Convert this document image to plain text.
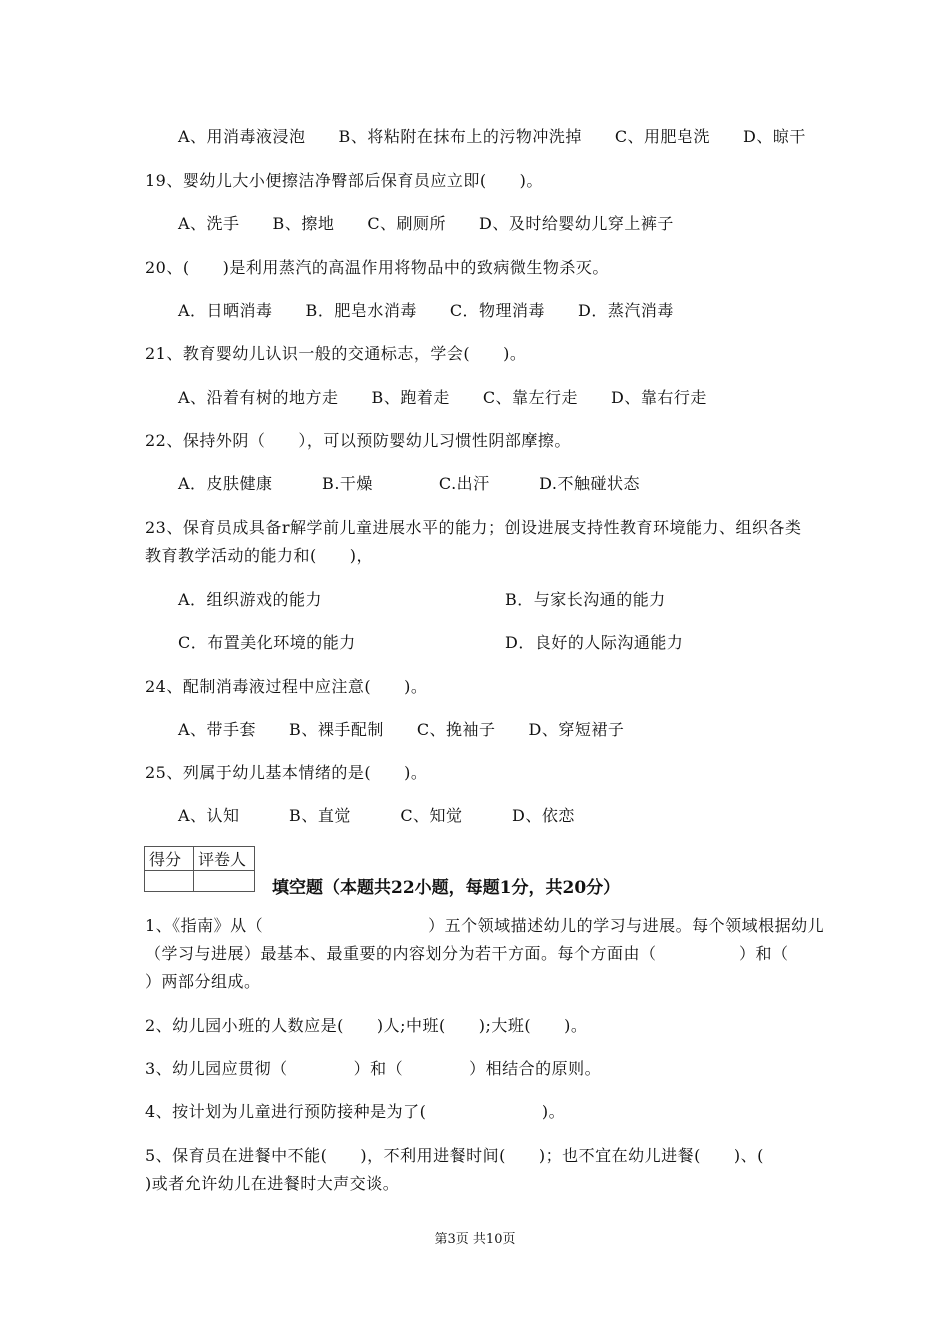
A、用消毒液浸泡　　B、将粘附在抹布上的污物冲洗掉　　C、用肥皂洗　　D、晾干
19、婴幼儿大小便擦洁净臀部后保育员应立即(　　)。
A、洗手　　B、擦地　　C、刷厕所　　D、及时给婴幼儿穿上裤子
20、(　　)是利用蒸汽的高温作用将物品中的致病微生物杀灭。
A．日晒消毒　　B．肥皂水消毒　　C．物理消毒　　D．蒸汽消毒
21、教育婴幼儿认识一般的交通标志，学会(　　)。
A、沿着有树的地方走　　B、跑着走　　C、靠左行走　　D、靠右行走
22、保持外阴（　　），可以预防婴幼儿习惯性阴部摩擦。
A．皮肤健康　　　B.干燥　　　　C.出汗　　　D.不触碰状态
23、保育员成具备r解学前儿童进展水平的能力；创设进展支持性教育环境能力、组织各类
教育教学活动的能力和(　　)，
A．组织游戏的能力	B．与家长沟通的能力
C．布置美化环境的能力	D．良好的人际沟通能力
24、配制消毒液过程中应注意(　　)。
A、带手套　　B、裸手配制　　C、挽袖子　　D、穿短裙子
25、列属于幼儿基本情绪的是(　　)。
A、认知　　　B、直觉　　　C、知觉　　　D、依恋
得分	评卷人

填空题（本题共22小题，每题1分，共20分）
1、《指南》从（　　　　　　　　　　）五个领域描述幼儿的学习与进展。每个领域根据幼儿
（学习与进展）最基本、最重要的内容划分为若干方面。每个方面由（　　　　　）和（
）两部分组成。
2、幼儿园小班的人数应是(　　)人;中班(　　);大班(　　)。
3、幼儿园应贯彻（　　　　）和（　　　　）相结合的原则。
4、按计划为儿童进行预防接种是为了(　　　　　　　)。
5、保育员在进餐中不能(　　)，不利用进餐时间(　　)；也不宜在幼儿进餐(　　)、(
)或者允许幼儿在进餐时大声交谈。
第3页 共10页
